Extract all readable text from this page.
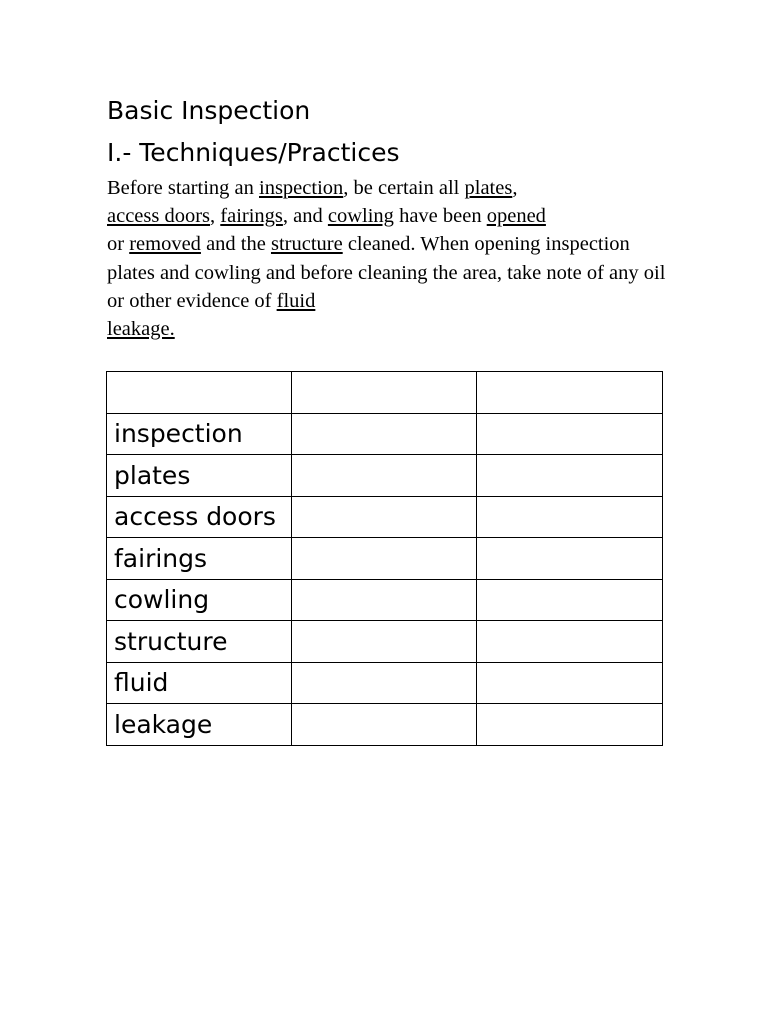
Basic Inspection
I.- Techniques/Practices

Before starting an inspection, be certain all plates,
access doors, fairings, and cowling have been opened
or removed and the structure cleaned. When opening inspection plates and cowling and before cleaning the area, take note of any oil or other evidence of fluid
leakage.

inspection		
plates		
access doors		
fairings		
cowling		
structure		
fluid		
leakage		
